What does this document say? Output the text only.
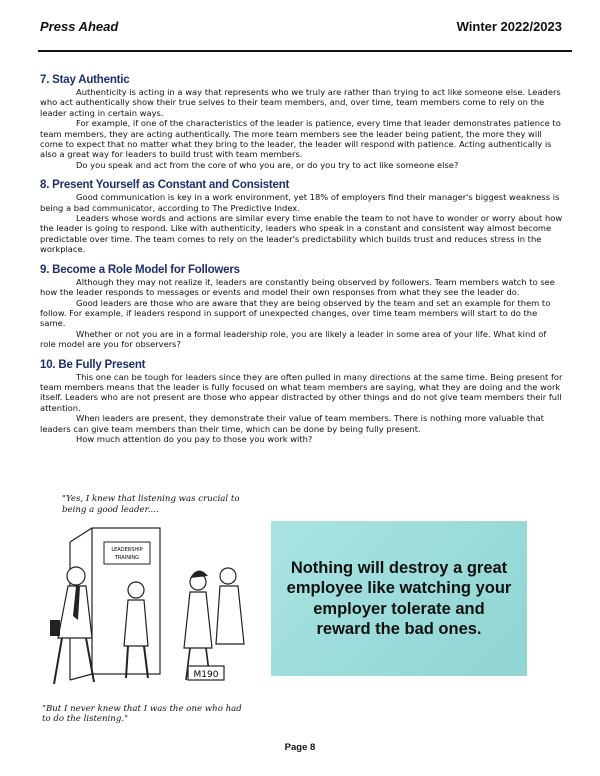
Press Ahead	Winter 2022/2023
7. Stay Authentic

Authenticity is acting in a way that represents who we truly are rather than trying to act like someone else. Leaders who act authentically show their true selves to their team members, and, over time, team members come to rely on the leader acting in certain ways.

For example, if one of the characteristics of the leader is patience, every time that leader demonstrates patience to team members, they are acting authentically. The more team members see the leader being patient, the more they will come to expect that no matter what they bring to the leader, the leader will respond with patience. Acting authentically is also a great way for leaders to build trust with team members.

Do you speak and act from the core of who you are, or do you try to act like someone else?

8. Present Yourself as Constant and Consistent

Good communication is key in a work environment, yet 18% of employers find their manager's biggest weakness is being a bad communicator, according to The Predictive Index.

Leaders whose words and actions are similar every time enable the team to not have to wonder or worry about how the leader is going to respond. Like with authenticity, leaders who speak in a constant and consistent way almost become predictable over time. The team comes to rely on the leader's predictability which builds trust and reduces stress in the workplace.

9. Become a Role Model for Followers

Although they may not realize it, leaders are constantly being observed by followers. Team members watch to see how the leader responds to messages or events and model their own responses from what they see the leader do.

Good leaders are those who are aware that they are being observed by the team and set an example for them to follow. For example, if leaders respond in support of unexpected changes, over time team members will start to do the same.

Whether or not you are in a formal leadership role, you are likely a leader in some area of your life. What kind of role model are you for observers?

10. Be Fully Present

This one can be tough for leaders since they are often pulled in many directions at the same time. Being present for team members means that the leader is fully focused on what team members are saying, what they are doing and the work itself. Leaders who are not present are those who appear distracted by other things and do not give team members their full attention.

When leaders are present, they demonstrate their value of team members. There is nothing more valuable that leaders can give team members than their time, which can be done by being fully present.

How much attention do you pay to those you work with?

"Yes, I knew that listening was crucial to being a good leader....
LEADERSHIP
TRAINING
M190
"But I never knew that I was the one who had to do the listening."
Nothing will destroy a great employee like watching your employer tolerate and reward the bad ones.
Page 8
